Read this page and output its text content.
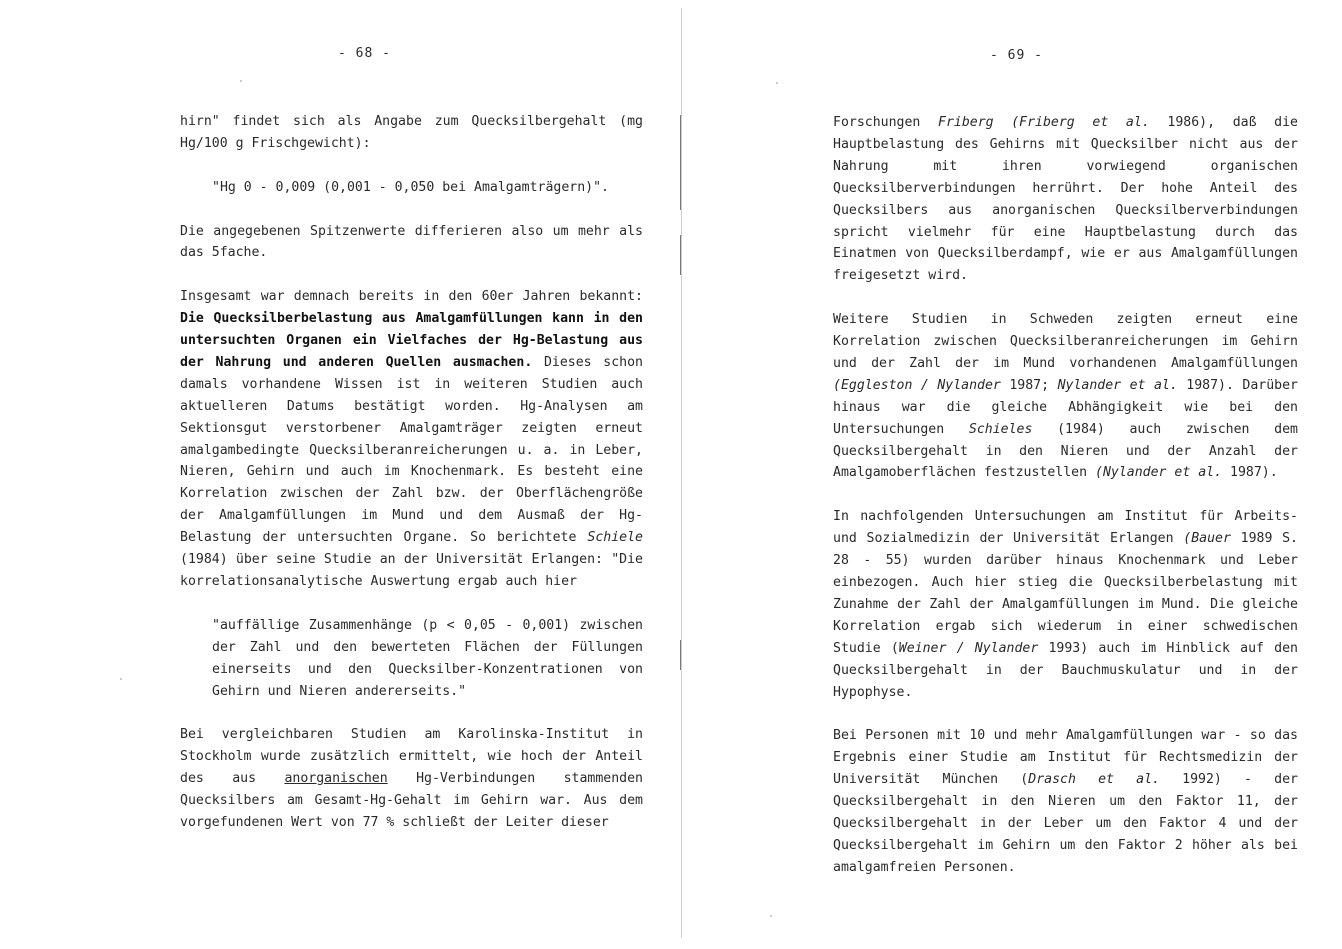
- 68 -

hirn" findet sich als Angabe zum Quecksilbergehalt (mg Hg/100 g Frischgewicht):

"Hg 0 - 0,009 (0,001 - 0,050 bei Amalgamträgern)".

Die angegebenen Spitzenwerte differieren also um mehr als das 5fache.

Insgesamt war demnach bereits in den 60er Jahren bekannt: Die Quecksilberbelastung aus Amalgamfüllungen kann in den untersuchten Organen ein Vielfaches der Hg-Belastung aus der Nahrung und anderen Quellen ausmachen. Dieses schon damals vorhandene Wissen ist in weiteren Studien auch aktuelleren Datums bestätigt worden. Hg-Analysen am Sektionsgut verstorbener Amalgamträger zeigten erneut amalgambedingte Quecksilberanreicherungen u. a. in Leber, Nieren, Gehirn und auch im Knochenmark. Es besteht eine Korrelation zwischen der Zahl bzw. der Oberflächengröße der Amalgamfüllungen im Mund und dem Ausmaß der Hg-Belastung der untersuchten Organe. So berichtete Schiele (1984) über seine Studie an der Universität Erlangen: "Die korrelationsanalytische Auswertung ergab auch hier

"auffällige Zusammenhänge (p < 0,05 - 0,001) zwischen der Zahl und den bewerteten Flächen der Füllungen einerseits und den Quecksilber-Konzentrationen von Gehirn und Nieren andererseits."

Bei vergleichbaren Studien am Karolinska-Institut in Stockholm wurde zusätzlich ermittelt, wie hoch der Anteil des aus anorganischen Hg-Verbindungen stammenden Quecksilbers am Gesamt-Hg-Gehalt im Gehirn war. Aus dem vorgefundenen Wert von 77 % schließt der Leiter dieser

- 69 -

Forschungen Friberg (Friberg et al. 1986), daß die Hauptbelastung des Gehirns mit Quecksilber nicht aus der Nahrung mit ihren vorwiegend organischen Quecksilberverbindungen herrührt. Der hohe Anteil des Quecksilbers aus anorganischen Quecksilberverbindungen spricht vielmehr für eine Hauptbelastung durch das Einatmen von Quecksilberdampf, wie er aus Amalgamfüllungen freigesetzt wird.

Weitere Studien in Schweden zeigten erneut eine Korrelation zwischen Quecksilberanreicherungen im Gehirn und der Zahl der im Mund vorhandenen Amalgamfüllungen (Eggleston / Nylander 1987; Nylander et al. 1987). Darüber hinaus war die gleiche Abhängigkeit wie bei den Untersuchungen Schieles (1984) auch zwischen dem Quecksilbergehalt in den Nieren und der Anzahl der Amalgamoberflächen festzustellen (Nylander et al. 1987).

In nachfolgenden Untersuchungen am Institut für Arbeits- und Sozialmedizin der Universität Erlangen (Bauer 1989 S. 28 - 55) wurden darüber hinaus Knochenmark und Leber einbezogen. Auch hier stieg die Quecksilberbelastung mit Zunahme der Zahl der Amalgamfüllungen im Mund. Die gleiche Korrelation ergab sich wiederum in einer schwedischen Studie (Weiner / Nylander 1993) auch im Hinblick auf den Quecksilbergehalt in der Bauchmuskulatur und in der Hypophyse.

Bei Personen mit 10 und mehr Amalgamfüllungen war - so das Ergebnis einer Studie am Institut für Rechtsmedizin der Universität München (Drasch et al. 1992) - der Quecksilbergehalt in den Nieren um den Faktor 11, der Quecksilbergehalt in der Leber um den Faktor 4 und der Quecksilbergehalt im Gehirn um den Faktor 2 höher als bei amalgamfreien Personen.
